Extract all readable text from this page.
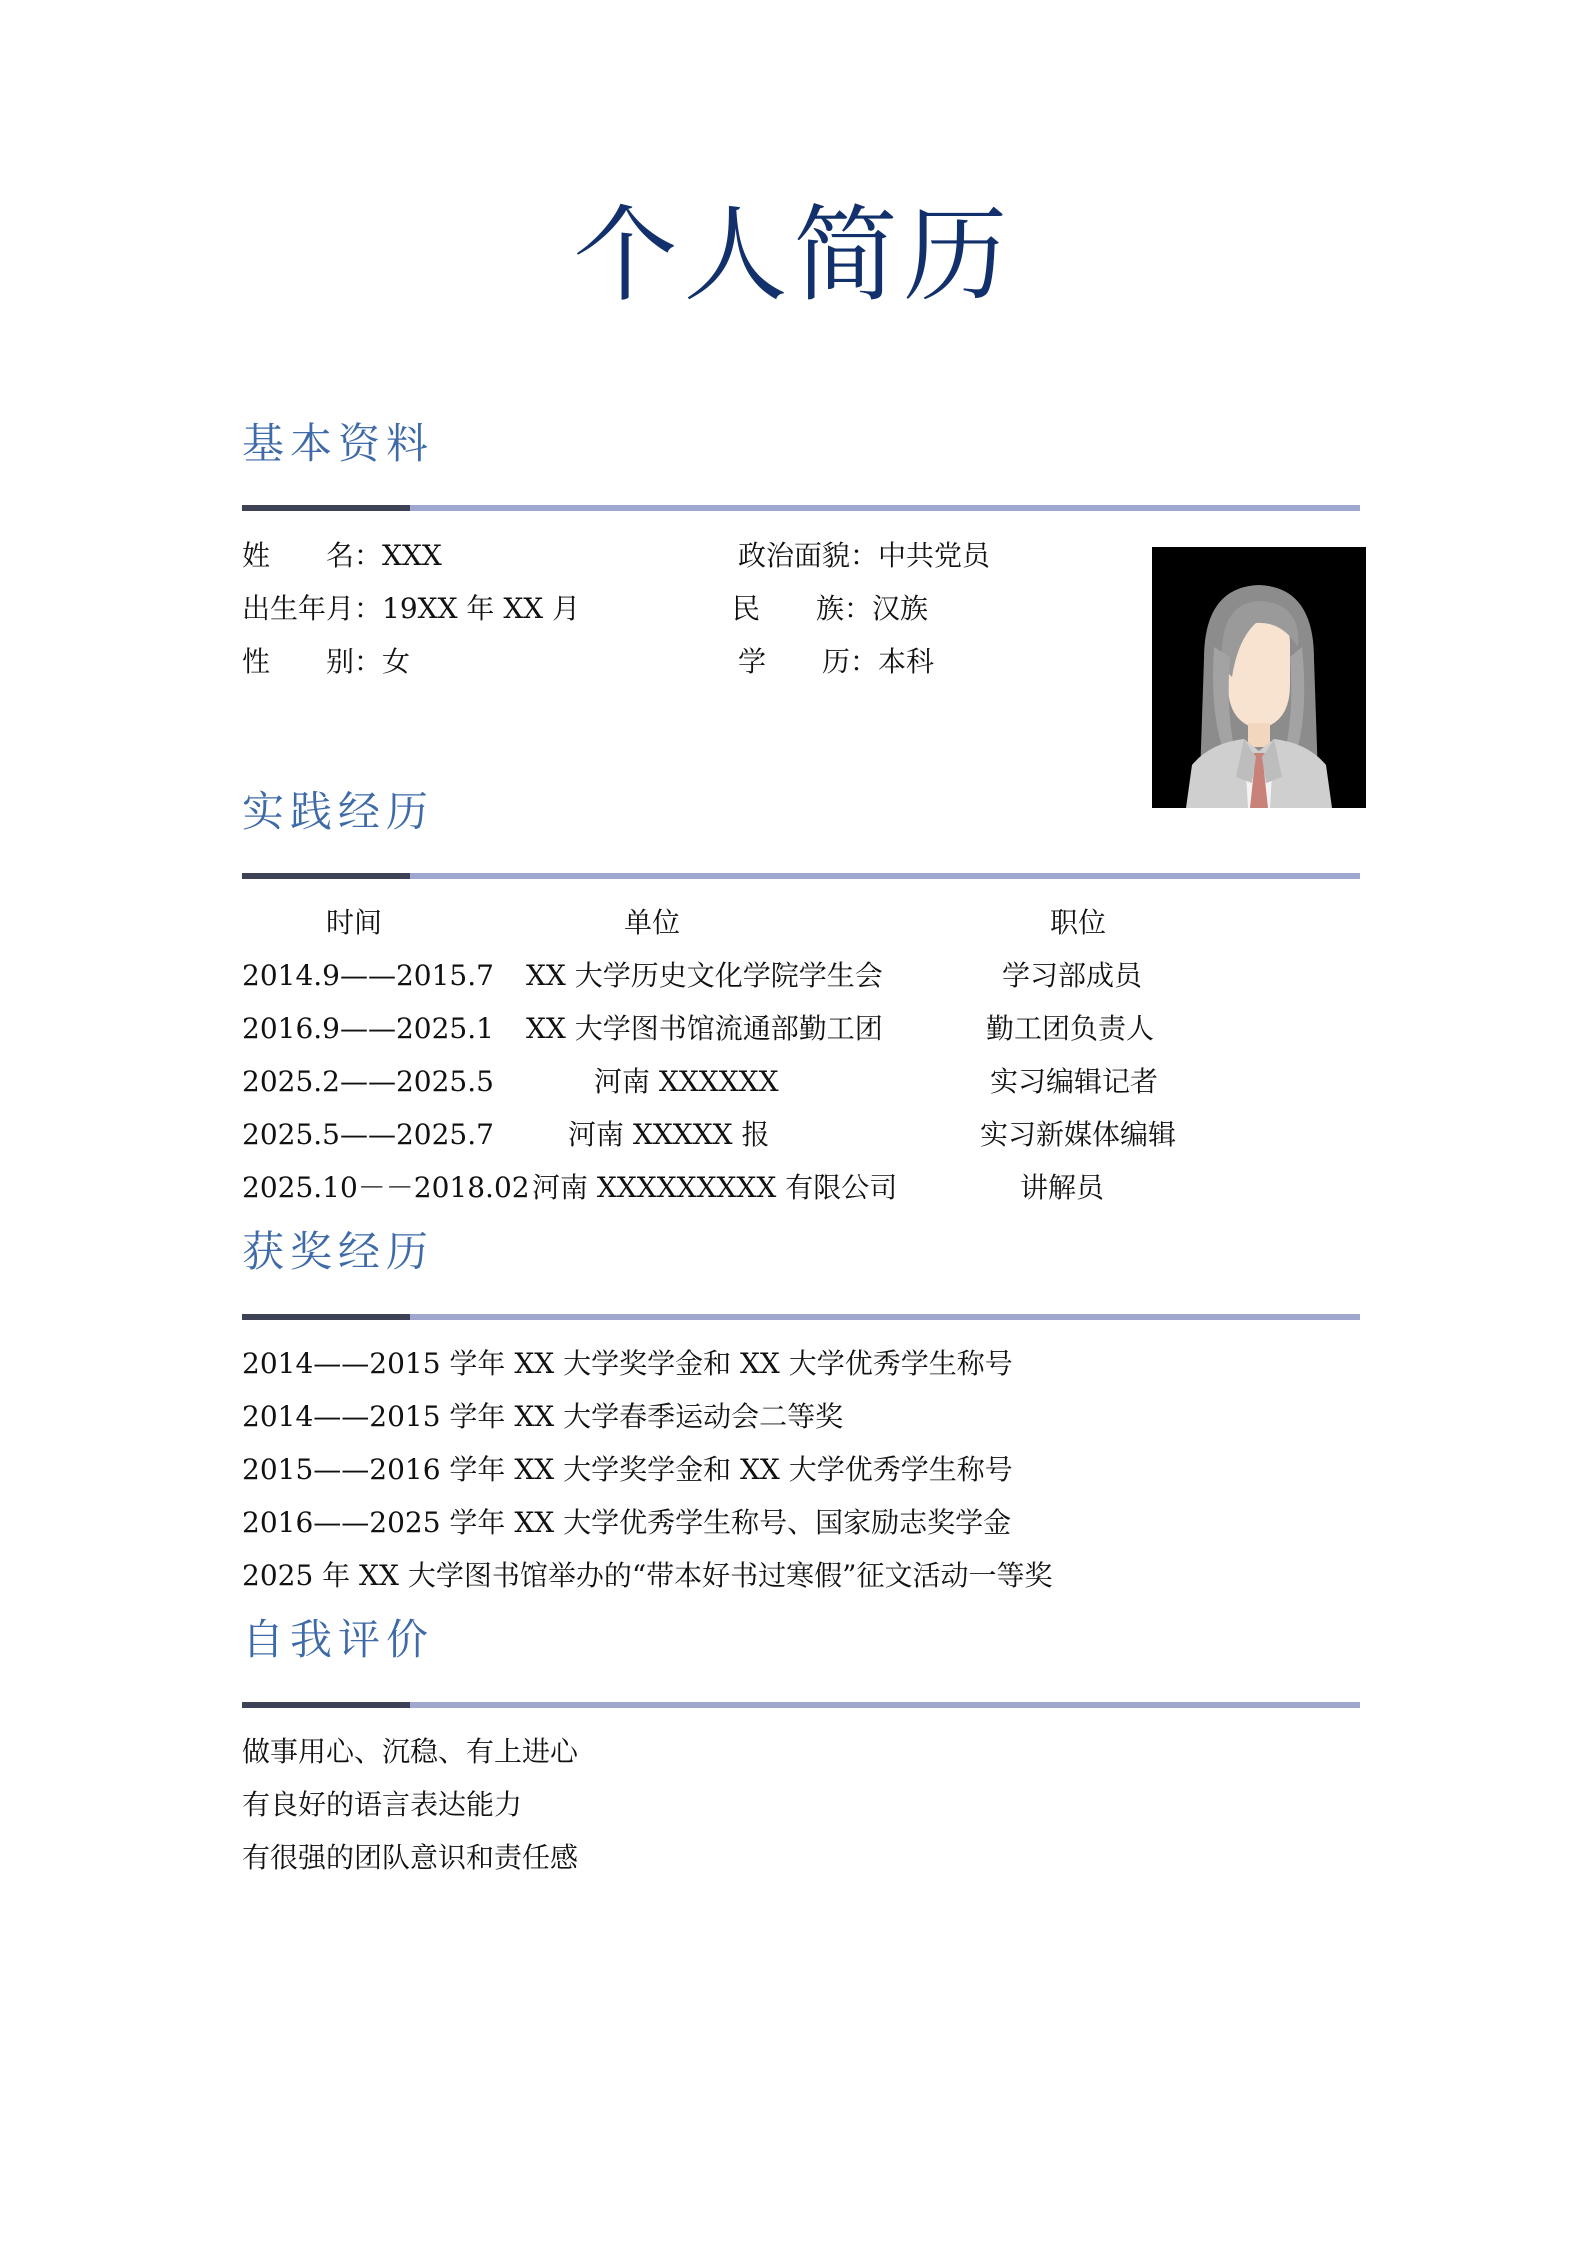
个人简历
基本资料
姓　　名：XXX
出生年月：19XX 年 XX 月
性　　别：女
政治面貌：中共党员
民　　族：汉族
学　　历：本科
实践经历
时间	单位	职位
2014.9——2015.7 XX 大学历史文化学院学生会	学习部成员
2016.9——2025.1 XX 大学图书馆流通部勤工团	勤工团负责人
2025.2——2025.5	河南 XXXXXX	实习编辑记者
2025.5——2025.7	河南 XXXXX 报	实习新媒体编辑
2025.10－－2018.02 河南 XXXXXXXXX 有限公司	讲解员
获奖经历
2014——2015 学年 XX 大学奖学金和 XX 大学优秀学生称号
2014——2015 学年 XX 大学春季运动会二等奖
2015——2016 学年 XX 大学奖学金和 XX 大学优秀学生称号
2016——2025 学年 XX 大学优秀学生称号、国家励志奖学金
2025 年 XX 大学图书馆举办的“带本好书过寒假”征文活动一等奖
自我评价
做事用心、沉稳、有上进心
有良好的语言表达能力
有很强的团队意识和责任感
